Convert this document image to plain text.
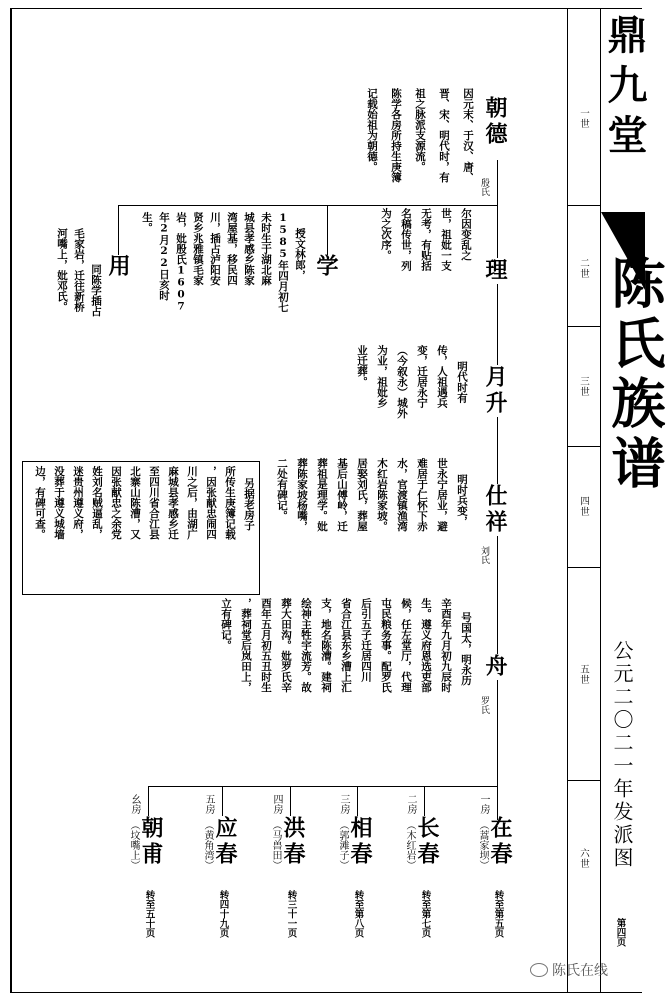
一世
二世
三世
四世
五世
六世
鼎九堂
陈氏族谱
公元二〇二一年发派图
第四页
朝德
殷氏
因元末、于汉、唐、
晋、宋、明代时，有
祖之脉派支源流。
陈学各房所持生庚簿
记载始祖为朝德。
理
尔因变乱之
世，祖妣一支
无考，有贴括
名稿传世，列
为之次序。
月升
明代时有
传，人祖遇兵
变，迁居永宁
（今叙永）城外
为业，祖妣乡
业迁葬。
仕祥
刘氏
明时兵变，
世永宁居业，避
难居于仁怀下赤
水，官渡镇渔湾
木红岩陈家坡。
居娶刘氏，葬屋
基后山傅岭，迁
葬祖是理学。妣
葬陈家坡杨嘴，
二处有碑记。
另据老房子
所传生庚簿记载
，因张献忠闹四
川之后，由湖广
麻城县孝感乡迁
至四川省合江县
北寨山陈漕，又
因张献忠之余党
姓刘名贼逼乱，
迷贵州遵义府，
没葬于遵义城墙
边，有碑可查。
舟
罗氏
号国太，明永历
辛酉年九月初九辰时
生。遵义府恩选吏部
候，任左堂厅，代理
屯民粮务事。配罗氏
后引五子迁居四川
省合江县东乡漕上汇
支，地名陈漕。建祠
绘神主牲宇流芳。故
葬大田沟。妣罗氏辛
酉年五月初五丑时生
，葬祠堂后岚田上，
立有碑记。
学
授文林郎，
1585年四月初七
未时生于湖北麻
城县孝感乡陈家
湾屋基，移民四
川，插占泸阳安
贤乡兆雅镇毛家
岩，妣殷氏1607
年2月22日亥时
生。
用
同陈学插占
毛家岩，迁往新桥
河嘴上，妣邓氏。
一房
在春
（蒿家坝）
转至第五页
二房
长春
（木红岩）
转至第七页
三房
相春
（郭滩子）
转至第八页
四房
洪春
（马兽田）
转三十一页
五房
应春
（黄角湾）
转四十九页
幺房
朝甫
（坟嘴上）
转至五十页
陈氏在线
